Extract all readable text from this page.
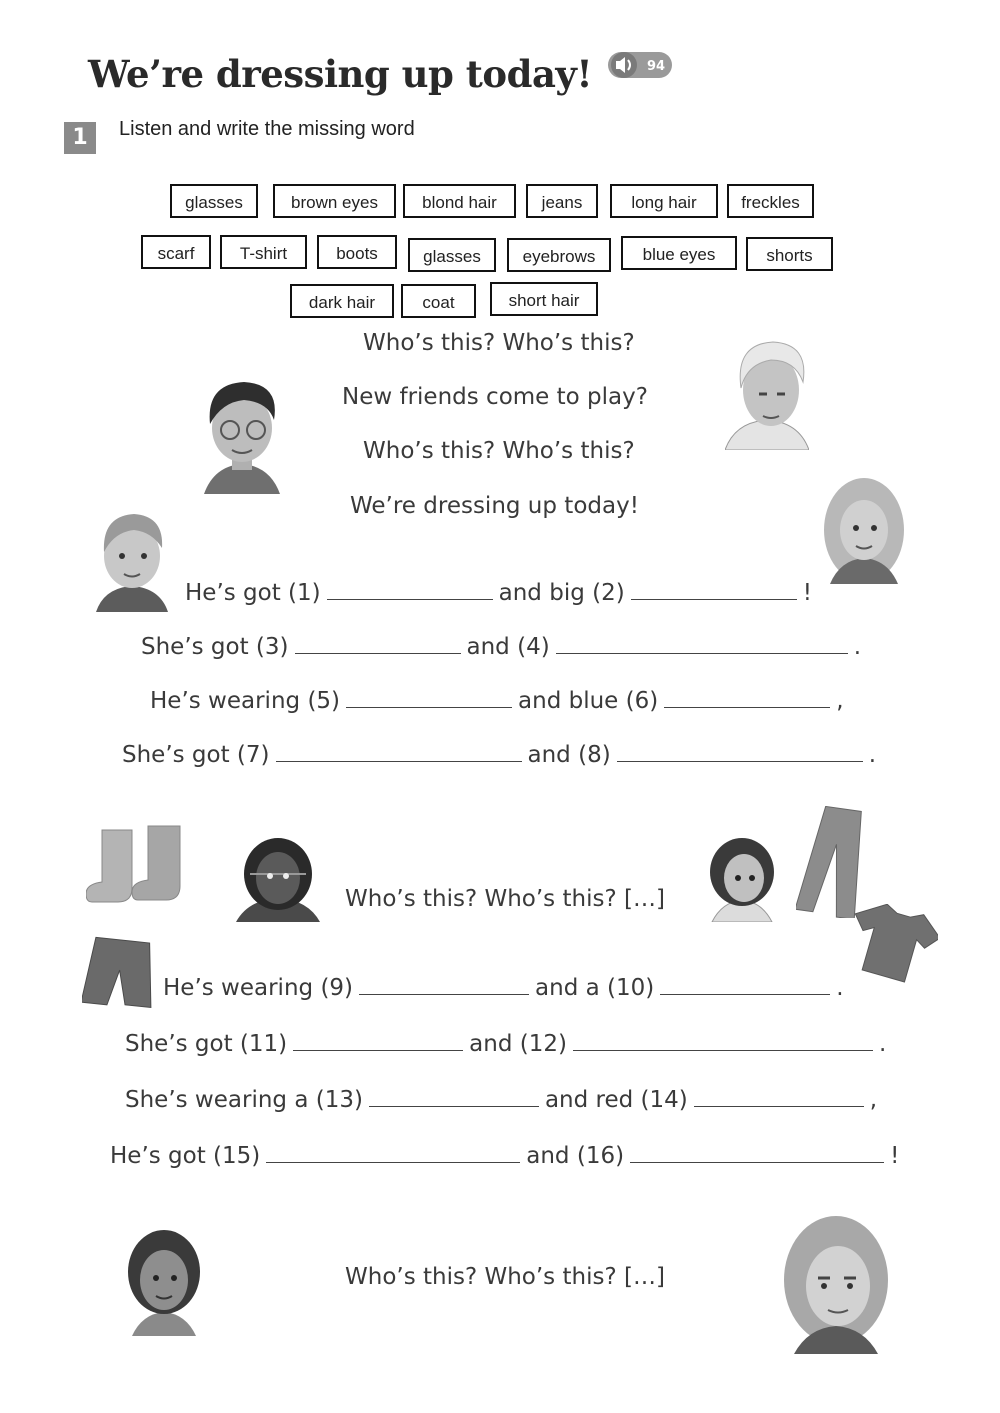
We’re dressing up today!	94
1	Listen and write the missing word
glasses	brown eyes	blond hair	jeans	long hair	freckles
scarf	T-shirt	boots	glasses	eyebrows	blue eyes	shorts
dark hair	coat	short hair
Who’s this? Who’s this?
New friends come to play?
Who’s this? Who’s this?
We’re dressing up today!
He’s got (1)	and big (2)	!
She’s got (3)	and (4)	.
He’s wearing (5)	and blue (6)	,
She’s got (7)	and (8)	.
Who’s this? Who’s this? […]
He’s wearing (9)	and a (10)	.
She’s got (11)	and (12)	.
She’s wearing a (13)	and red (14)	,
He’s got (15)	and (16)	!
Who’s this? Who’s this? […]
